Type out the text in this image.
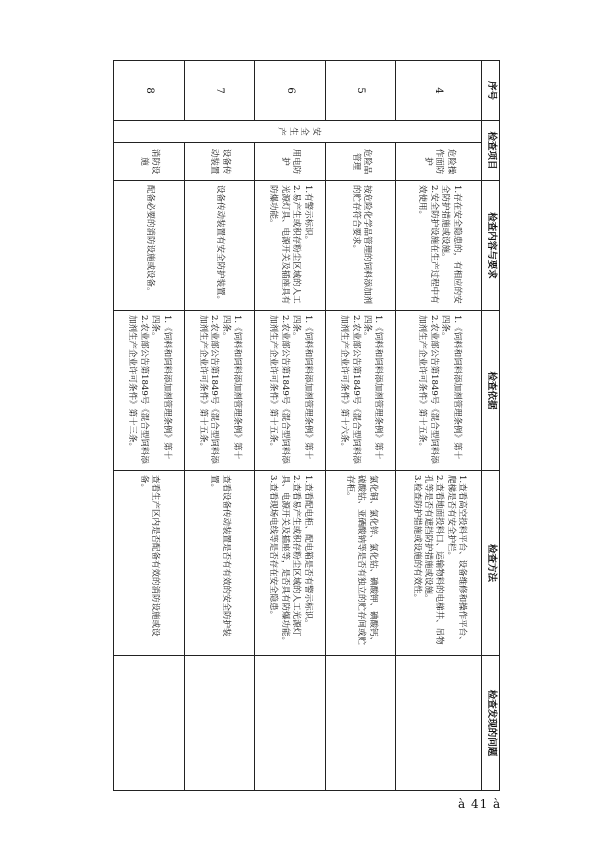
序号	检查项目		检查内容与要求	检查依据	检查方法	检查发现的问题
4	安全生产	危险操作面防护	1.存在安全隐患的，有相应的安全防护措施或设施。
2.安全防护设施在生产过程中有效使用。	1.《饲料和饲料添加剂管理条例》第十四条。
2.农业部公告第1849号《混合型饲料添加剂生产企业许可条件》第十五条。	1.查看高空投料平台、设备维修和操作平台、爬梯是否有安全护栏。
2.查看地面投料口、运输物料的电梯井、吊物孔等是否有遮挡防护措施或设施。
3.检查防护措施或设施的有效性。	

5		危险品管理	按危险化学品管理的饲料添加剂的贮存符合要求。	1.《饲料和饲料添加剂管理条例》第十四条。
2.农业部公告第1849号《混合型饲料添加剂生产企业许可条件》第十六条。	氯化铜、氯化锌、氯化钴、碘酸钾、碘酸钙、硫酸钴、亚硒酸钠等是否有独立的贮存间或贮存柜。	

6		用电防护	1.有警示标识。
2.易产生或积存粉尘区域的人工光源灯具、电源开关及插座具有防爆功能。	1.《饲料和饲料添加剂管理条例》第十四条。
2.农业部公告第1849号《混合型饲料添加剂生产企业许可条件》第十五条。	1.查看配电柜、配电箱是否有警示标识。
2.查看易产生或积存粉尘区域的人工光源灯具、电源开关及插座等，是否具有防爆功能。
3.查看现场电线等是否存在安全隐患。	

7		设备传动装置	设备传动装置有安全防护装置。	1.《饲料和饲料添加剂管理条例》第十四条。
2.农业部公告第1849号《混合型饲料添加剂生产企业许可条件》第十五条。	查看设备传动装置是否有有效的安全防护装置。	

8		消防设施	配备必要的消防设施或设备。	1.《饲料和饲料添加剂管理条例》第十四条。
2.农业部公告第1849号《混合型饲料添加剂生产企业许可条件》第十三条。	查看生产区内是否配备有效的消防设施或设备。	

à 41 à
